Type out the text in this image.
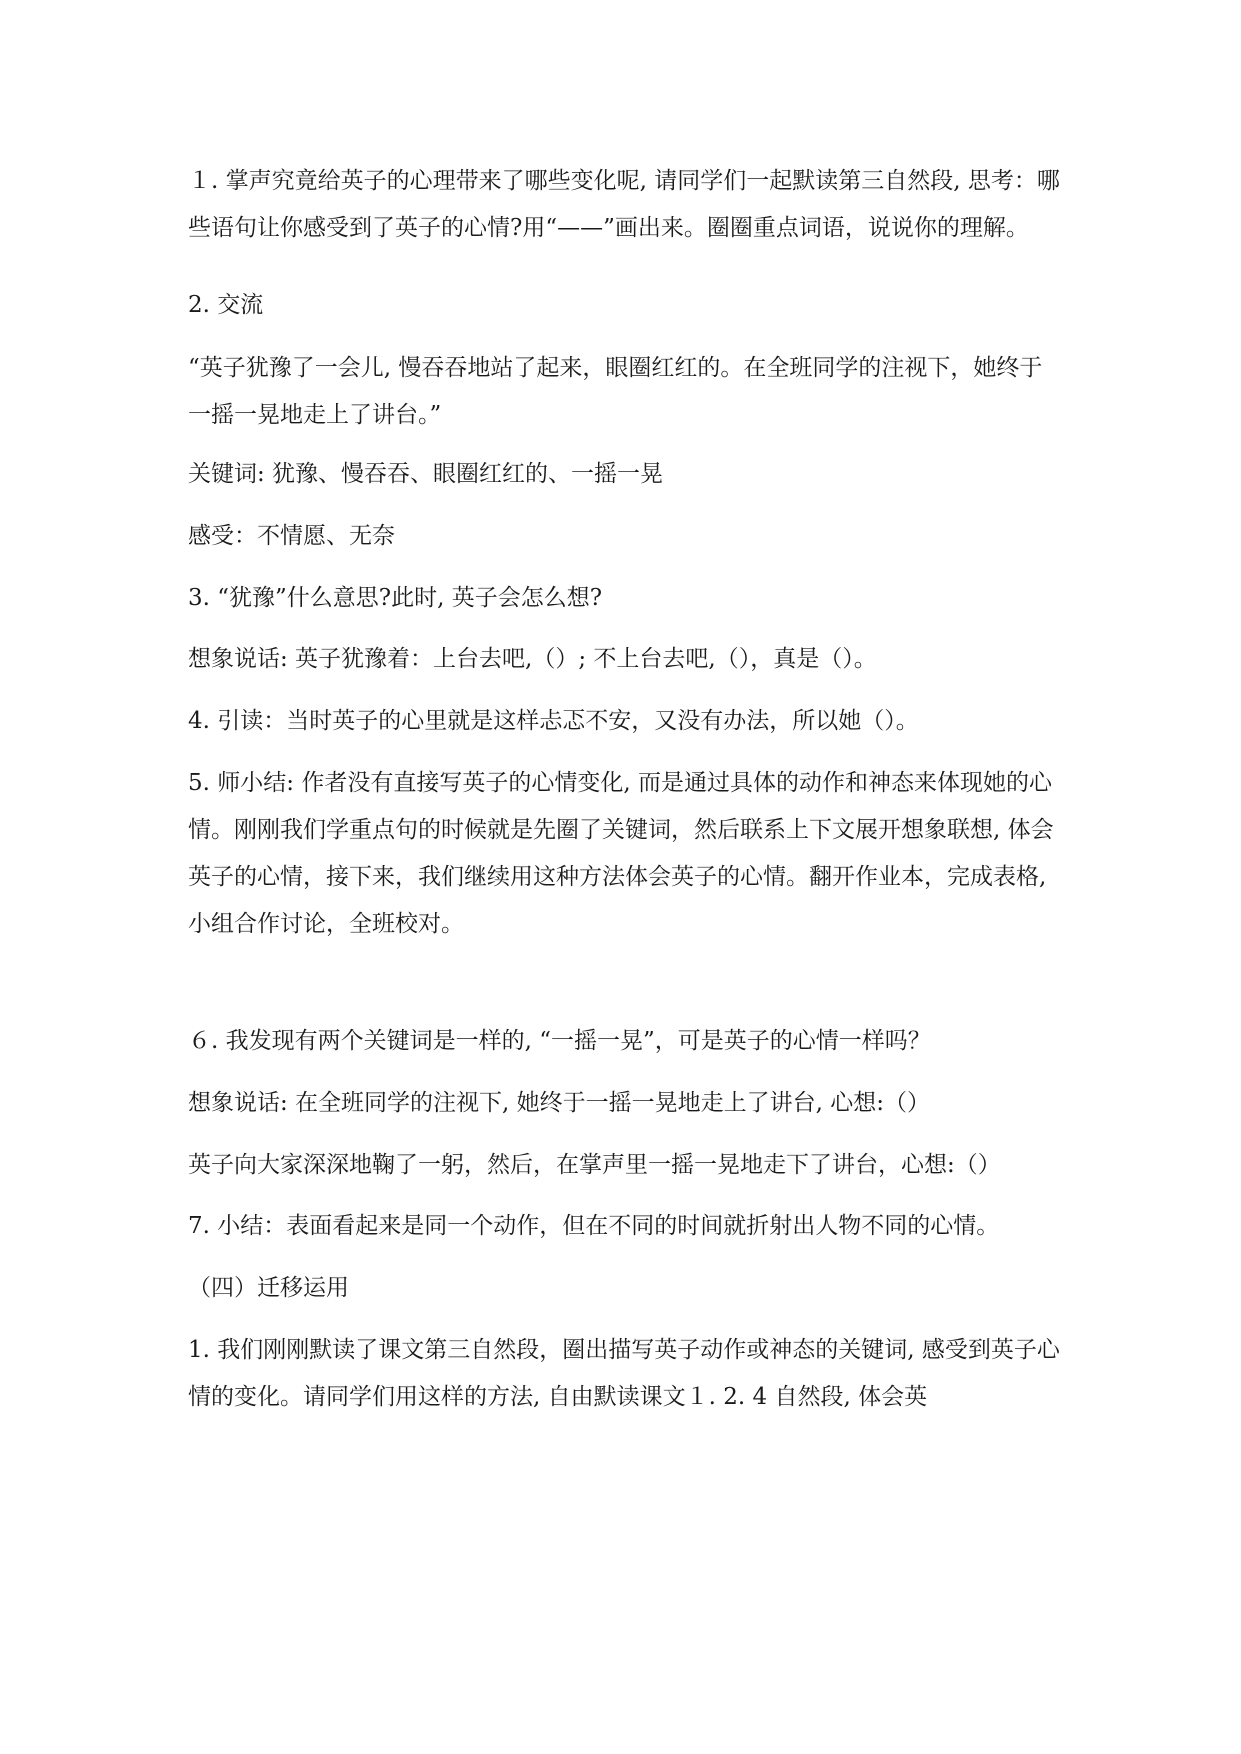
１. 掌声究竟给英子的心理带来了哪些变化呢, 请同学们一起默读第三自然段, 思考：哪些语句让你感受到了英子的心情?用“——”画出来。圈圈重点词语，说说你的理解。

2. 交流

“英子犹豫了一会儿, 慢吞吞地站了起来，眼圈红红的。在全班同学的注视下，她终于一摇一晃地走上了讲台。”

关键词: 犹豫、慢吞吞、眼圈红红的、一摇一晃

感受：不情愿、无奈

3. “犹豫”什么意思?此时, 英子会怎么想?

想象说话: 英子犹豫着：上台去吧,（）; 不上台去吧,（），真是（）。

4. 引读：当时英子的心里就是这样忐忑不安，又没有办法，所以她（）。

5. 师小结: 作者没有直接写英子的心情变化, 而是通过具体的动作和神态来体现她的心情。刚刚我们学重点句的时候就是先圈了关键词，然后联系上下文展开想象联想, 体会英子的心情，接下来，我们继续用这种方法体会英子的心情。翻开作业本，完成表格, 小组合作讨论，全班校对。

６. 我发现有两个关键词是一样的, “一摇一晃”，可是英子的心情一样吗？

想象说话: 在全班同学的注视下, 她终于一摇一晃地走上了讲台, 心想:（）

英子向大家深深地鞠了一躬，然后，在掌声里一摇一晃地走下了讲台，心想:（）

7. 小结：表面看起来是同一个动作，但在不同的时间就折射出人物不同的心情。

（四）迁移运用

1. 我们刚刚默读了课文第三自然段，圈出描写英子动作或神态的关键词, 感受到英子心情的变化。请同学们用这样的方法, 自由默读课文１. 2. 4 自然段, 体会英
